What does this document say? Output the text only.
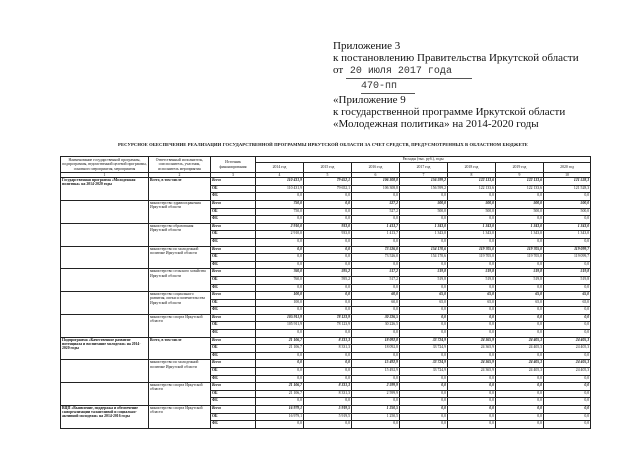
Приложение 3
к постановлению Правительства Иркутской области
от 20 июля 2017 года
470-пп
«Приложение 9
к государственной программе Иркутской области
«Молодежная политика» на 2014-2020 годы
РЕСУРСНОЕ ОБЕСПЕЧЕНИЕ РЕАЛИЗАЦИИ ГОСУДАРСТВЕННОЙ ПРОГРАММЫ ИРКУТСКОЙ ОБЛАСТИ ЗА СЧЕТ СРЕДСТВ, ПРЕДУСМОТРЕННЫХ В ОБЛАСТНОМ БЮДЖЕТЕ
Наименование государственной программы, подпрограммы, ведомственной целевой программы, основного мероприятия, мероприятия	Ответственный исполнитель, соисполнитель, участник, исполнитель мероприятия	Источник финансирования	Расходы (тыс. руб.), годы						
			2014 год	2015 год	2016 год	2017 год	2018 год	2019 год	2020 год
1	2	3	4	5	6	7	8	9	10
Государственная программа «Молодежная политика» на 2014-2020 годы	Всего, в том числе	Всего	110 431,9	79 652,1	106 308,8	156 599,2	122 133,6	122 133,6	121 528,3
		ОБ	110 431,9	79 652,1	106 308,8	156 599,2	122 133,6	122 133,6	121 528,3
		ФБ	0,0	0,0	0,0	0,0	0,0	0,0	0,0
	министерство здравоохранения Иркутской области	Всего	750,0	0,0	527,2	500,0	500,0	500,0	500,0
		ОБ	750,0	0,0	527,2	500,0	500,0	500,0	500,0
		ФБ	0,0	0,0	0,0	0,0	0,0	0,0	0,0
	министерство образования Иркутской области	Всего	2 910,0	933,0	1 413,7	1 343,0	1 343,0	1 343,0	1 343,0
		ОБ	2 910,0	933,0	1 413,7	1 343,0	1 343,0	1 343,0	1 343,0
		ФБ	0,0	0,0	0,0	0,0	0,0	0,0	0,0
	министерство по молодежной политике Иркутской области	Всего	0,0	0,0	73 526,0	154 170,6	119 705,0	119 705,0	119 099,7
		ОБ	0,0	0,0	73 526,0	154 170,6	119 705,0	119 705,0	119 099,7
		ФБ	0,0	0,0	0,0	0,0	0,0	0,0	0,0
	министерство сельского хозяйства Иркутской области	Всего	760,0	595,2	517,2	519,8	519,8	519,8	519,8
		ОБ	760,0	595,2	517,2	519,8	519,8	519,8	519,8
		ФБ	0,0	0,0	0,0	0,0	0,0	0,0	0,0
	министерство социального развития, опеки и попечительства Иркутской области	Всего	100,0	0,0	60,0	65,0	65,0	65,0	65,0
		ОБ	100,0	0,0	60,0	65,0	65,0	65,0	65,0
		ФБ	0,0	0,0	0,0	0,0	0,0	0,0	0,0
	министерство спорта Иркутской области	Всего	105 911,9	78 123,9	30 226,5	0,0	0,0	0,0	0,0
		ОБ	105 911,9	78 123,9	30 226,5	0,0	0,0	0,0	0,0
		ФБ	0,0	0,0	0,0	0,0	0,0	0,0	0,0
Подпрограмма «Качественное развитие потенциала и воспитание молодежи» на 2014-2020 годы	Всего, в том числе	Всего	21 106,7	8 331,3	18 092,8	33 724,9	24 365,9	24 405,3	24 405,3
		ОБ	21 106,7	8 331,3	18 092,8	33 724,9	24 365,9	24 405,3	24 405,3
		ФБ	0,0	0,0	0,0	0,0	0,0	0,0	0,0
	министерство по молодежной политике Иркутской области	Всего	0,0	0,0	15 492,9	33 724,9	24 365,9	24 405,3	24 405,3
		ОБ	0,0	0,0	15 492,9	33 724,9	24 365,9	24 405,3	24 405,3
		ФБ	0,0	0,0	0,0	0,0	0,0	0,0	0,0
	министерство спорта Иркутской области	Всего	21 106,7	8 331,3	2 599,9	0,0	0,0	0,0	0,0
		ОБ	21 106,7	8 331,3	2 599,9	0,0	0,0	0,0	0,0
		ФБ	0,0	0,0	0,0	0,0	0,0	0,0	0,0
ВЦП «Выявление, поддержка и обеспечение самореализации талантливой и социально-активной молодежи» на 2014-2016 годы	министерство спорта Иркутской области	Всего	16 979,1	5 919,5	1 250,5	0,0	0,0	0,0	0,0
		ОБ	16 979,1	5 919,5	1 250,5	0,0	0,0	0,0	0,0
		ФБ	0,0	0,0	0,0	0,0	0,0	0,0	0,0
